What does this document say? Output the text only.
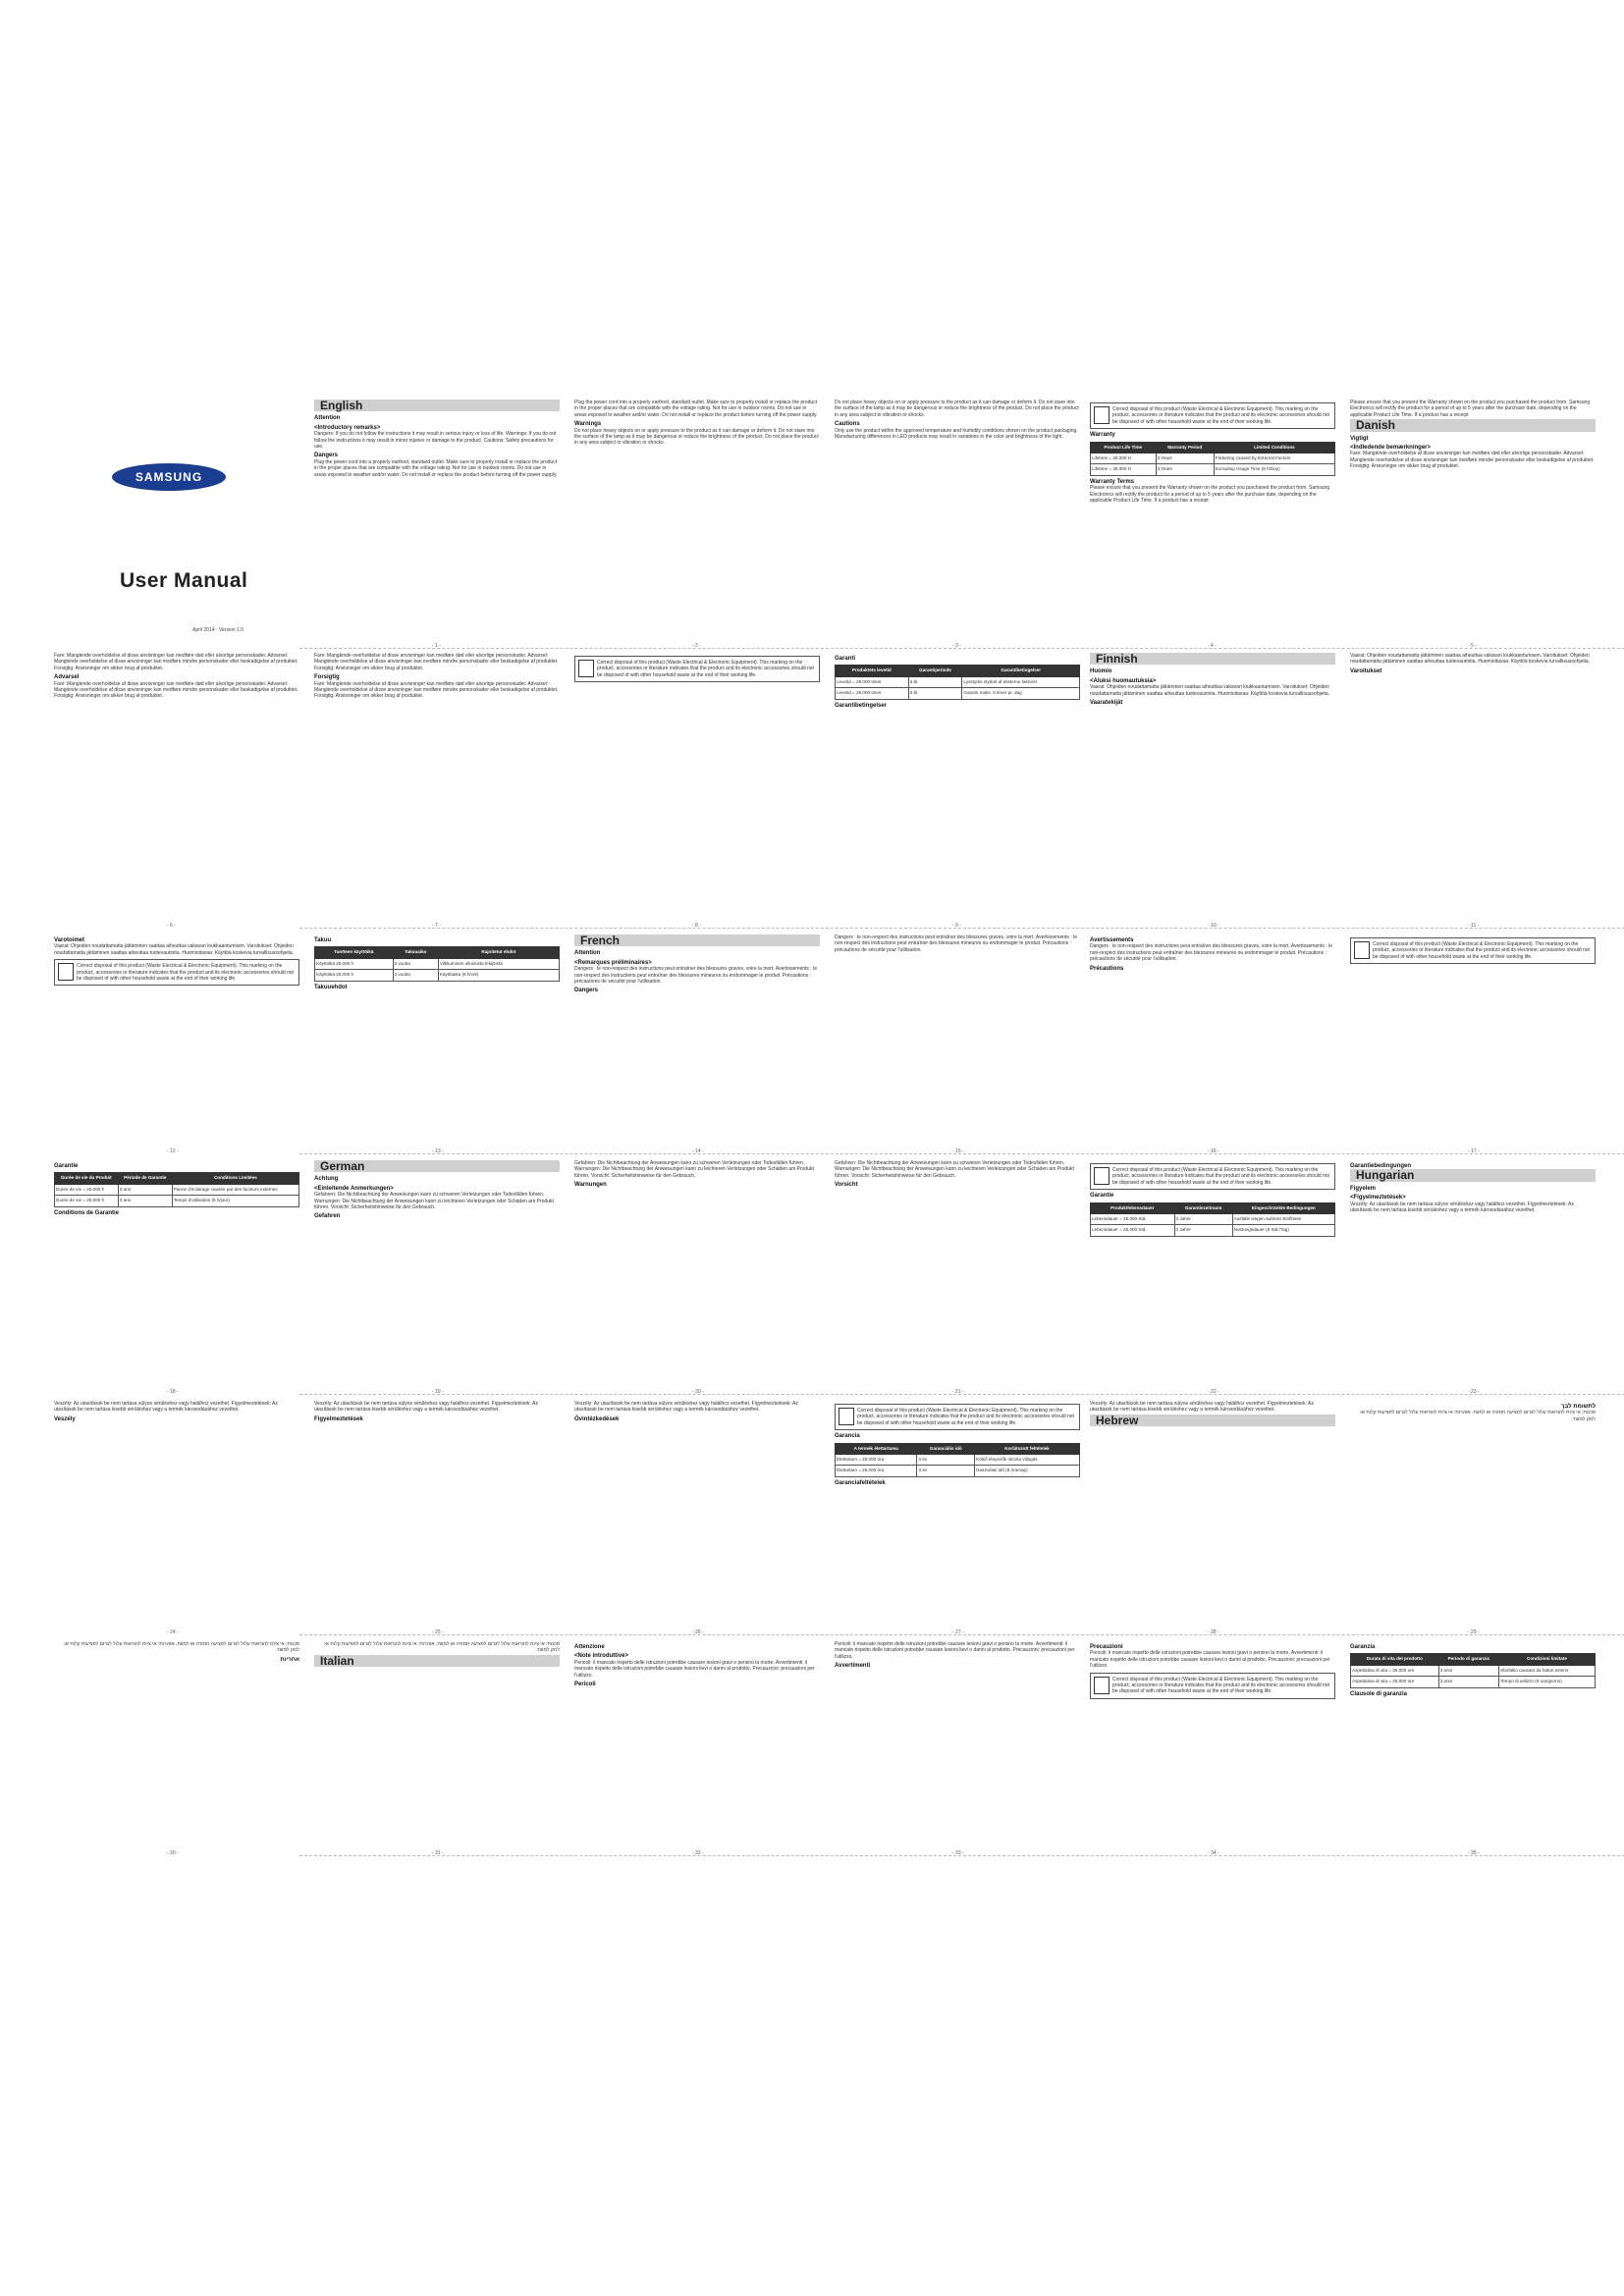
SAMSUNG
User Manual
April 2014 · Version 1.0
English
Attention
<Introductory remarks>

Dangers: If you do not follow the instructions it may result in serious injury or loss of life. Warnings: If you do not follow the instructions it may result in minor injuries or damage to the product. Cautions: Safety precautions for use.

Dangers

Plug the power cord into a properly earthed, standard outlet. Make sure to properly install or replace the product in the proper places that are compatible with the voltage rating. Not for use in outdoor rooms. Do not use in areas exposed to weather and/or water. Do not install or replace the product before turning off the power supply.

Plug the power cord into a properly earthed, standard outlet. Make sure to properly install or replace the product in the proper places that are compatible with the voltage rating. Not for use in outdoor rooms. Do not use in areas exposed to weather and/or water. Do not install or replace the product before turning off the power supply.

Warnings

Do not place heavy objects on or apply pressure to the product as it can damage or deform it. Do not stare into the surface of the lamp as it may be dangerous or reduce the brightness of the product. Do not place the product in any area subject to vibration or shocks.

Do not place heavy objects on or apply pressure to the product as it can damage or deform it. Do not stare into the surface of the lamp as it may be dangerous or reduce the brightness of the product. Do not place the product in any area subject to vibration or shocks.

Cautions

Only use the product within the approved temperature and humidity conditions shown on the product packaging. Manufacturing differences in LED products may result in variations in the color and brightness of the light.

Correct disposal of this product (Waste Electrical & Electronic Equipment). This marking on the product, accessories or literature indicates that the product and its electronic accessories should not be disposed of with other household waste at the end of their working life.
Warranty
Product Life Time	Warranty Period	Limited Conditions
Lifetime = 25.000 H	3 Years	Flickering caused by External Factors
Lifetime = 25.000 H	3 Years	Excluding Usage Time (8 h/Day)
Warranty Terms

Please ensure that you present the Warranty shown on the product you purchased the product from. Samsung Electronics will rectify the product for a period of up to 5 years after the purchase date, depending on the applicable Product Life Time. If a product has a receipt

Please ensure that you present the Warranty shown on the product you purchased the product from. Samsung Electronics will rectify the product for a period of up to 5 years after the purchase date, depending on the applicable Product Life Time. If a product has a receipt

Danish
Vigtigt
<Indledende bemærkninger>

Fare: Manglende overholdelse af disse anvisninger kan medføre død eller alvorlige personskader. Advarsel: Manglende overholdelse af disse anvisninger kan medføre mindre personskader eller beskadigelse af produktet. Forsigtig: Anvisninger om sikker brug af produktet.

Fare: Manglende overholdelse af disse anvisninger kan medføre død eller alvorlige personskader. Advarsel: Manglende overholdelse af disse anvisninger kan medføre mindre personskader eller beskadigelse af produktet. Forsigtig: Anvisninger om sikker brug af produktet.

Advarsel

Fare: Manglende overholdelse af disse anvisninger kan medføre død eller alvorlige personskader. Advarsel: Manglende overholdelse af disse anvisninger kan medføre mindre personskader eller beskadigelse af produktet. Forsigtig: Anvisninger om sikker brug af produktet.

Fare: Manglende overholdelse af disse anvisninger kan medføre død eller alvorlige personskader. Advarsel: Manglende overholdelse af disse anvisninger kan medføre mindre personskader eller beskadigelse af produktet. Forsigtig: Anvisninger om sikker brug af produktet.

Forsigtig

Fare: Manglende overholdelse af disse anvisninger kan medføre død eller alvorlige personskader. Advarsel: Manglende overholdelse af disse anvisninger kan medføre mindre personskader eller beskadigelse af produktet. Forsigtig: Anvisninger om sikker brug af produktet.

Correct disposal of this product (Waste Electrical & Electronic Equipment). This marking on the product, accessories or literature indicates that the product and its electronic accessories should not be disposed of with other household waste at the end of their working life.
Garanti
Produktets levetid	Garantiperiode	Garantibetingelser
Levetid = 25.000 timer	3 år	Lysstyrke styrket af eksterne faktorer
Levetid = 25.000 timer	3 år	Garanti maks. 8 timer pr. dag
Garantibetingelser
Finnish
Huomio
<Aluksi huomautuksia>

Vaarat: Ohjeiden noudattamatta jättäminen saattaa aiheuttaa vakavan loukkaantumisen. Varoitukset: Ohjeiden noudattamatta jättäminen saattaa aiheuttaa tuotevaurioita. Huomioitavaa: Käyttöä koskevia turvallisuusohjeita.

Vaaratekijät

Vaarat: Ohjeiden noudattamatta jättäminen saattaa aiheuttaa vakavan loukkaantumisen. Varoitukset: Ohjeiden noudattamatta jättäminen saattaa aiheuttaa tuotevaurioita. Huomioitavaa: Käyttöä koskevia turvallisuusohjeita.

Varoitukset
Varotoimet

Vaarat: Ohjeiden noudattamatta jättäminen saattaa aiheuttaa vakavan loukkaantumisen. Varoitukset: Ohjeiden noudattamatta jättäminen saattaa aiheuttaa tuotevaurioita. Huomioitavaa: Käyttöä koskevia turvallisuusohjeita.

Correct disposal of this product (Waste Electrical & Electronic Equipment). This marking on the product, accessories or literature indicates that the product and its electronic accessories should not be disposed of with other household waste at the end of their working life.
Takuu
Tuotteen käyttöikä	Takuuaika	Rajoitetut ehdot
Käyttöikä 25.000 h	3 vuotta	Vilkkuminen ulkoisista tekijöistä
Käyttöikä 25.000 h	3 vuotta	Käyttöaika (8 h/vrk)
Takuuehdot
French
Attention
<Remarques préliminaires>

Dangers : le non-respect des instructions peut entraîner des blessures graves, voire la mort. Avertissements : le non-respect des instructions peut entraîner des blessures mineures ou endommager le produit. Précautions : précautions de sécurité pour l'utilisation.

Dangers

Dangers : le non-respect des instructions peut entraîner des blessures graves, voire la mort. Avertissements : le non-respect des instructions peut entraîner des blessures mineures ou endommager le produit. Précautions : précautions de sécurité pour l'utilisation.

Avertissements

Dangers : le non-respect des instructions peut entraîner des blessures graves, voire la mort. Avertissements : le non-respect des instructions peut entraîner des blessures mineures ou endommager le produit. Précautions : précautions de sécurité pour l'utilisation.

Précautions
Correct disposal of this product (Waste Electrical & Electronic Equipment). This marking on the product, accessories or literature indicates that the product and its electronic accessories should not be disposed of with other household waste at the end of their working life.
Garantie
Durée de vie du Produit	Période de Garantie	Conditions Limitées
Durée de vie = 25.000 h	3 ans	Panne d'éclairage causée par des facteurs externes
Durée de vie = 25.000 h	3 ans	Temps d'utilisation (8 h/jour)
Conditions de Garantie
German
Achtung
<Einleitende Anmerkungen>

Gefahren: Die Nichtbeachtung der Anweisungen kann zu schweren Verletzungen oder Todesfällen führen. Warnungen: Die Nichtbeachtung der Anweisungen kann zu leichteren Verletzungen oder Schäden am Produkt führen. Vorsicht: Sicherheitshinweise für den Gebrauch.

Gefahren

Gefahren: Die Nichtbeachtung der Anweisungen kann zu schweren Verletzungen oder Todesfällen führen. Warnungen: Die Nichtbeachtung der Anweisungen kann zu leichteren Verletzungen oder Schäden am Produkt führen. Vorsicht: Sicherheitshinweise für den Gebrauch.

Warnungen

Gefahren: Die Nichtbeachtung der Anweisungen kann zu schweren Verletzungen oder Todesfällen führen. Warnungen: Die Nichtbeachtung der Anweisungen kann zu leichteren Verletzungen oder Schäden am Produkt führen. Vorsicht: Sicherheitshinweise für den Gebrauch.

Vorsicht
Correct disposal of this product (Waste Electrical & Electronic Equipment). This marking on the product, accessories or literature indicates that the product and its electronic accessories should not be disposed of with other household waste at the end of their working life.
Garantie
Produktlebensdauer	Garantiezeitraum	Eingeschränkte Bedingungen
Lebensdauer = 25.000 Std.	3 Jahre	Ausfälle wegen äußerer Einflüsse
Lebensdauer = 25.000 Std.	3 Jahre	Nutzungsdauer (8 Std./Tag)
Garantiebedingungen
Hungarian
Figyelem
<Figyelmeztetések>

Veszély: Az utasítások be nem tartása súlyos sérüléshez vagy halálhoz vezethet. Figyelmeztetések: Az utasítások be nem tartása kisebb sérüléshez vagy a termék károsodásához vezethet.

Veszély: Az utasítások be nem tartása súlyos sérüléshez vagy halálhoz vezethet. Figyelmeztetések: Az utasítások be nem tartása kisebb sérüléshez vagy a termék károsodásához vezethet.

Veszély

Veszély: Az utasítások be nem tartása súlyos sérüléshez vagy halálhoz vezethet. Figyelmeztetések: Az utasítások be nem tartása kisebb sérüléshez vagy a termék károsodásához vezethet.

Figyelmeztetések

Veszély: Az utasítások be nem tartása súlyos sérüléshez vagy halálhoz vezethet. Figyelmeztetések: Az utasítások be nem tartása kisebb sérüléshez vagy a termék károsodásához vezethet.

Óvintézkedések
Correct disposal of this product (Waste Electrical & Electronic Equipment). This marking on the product, accessories or literature indicates that the product and its electronic accessories should not be disposed of with other household waste at the end of their working life.
Garancia
A termék élettartama	Garanciális idő	Korlátozott feltételek
Élettartam = 25.000 óra	3 év	Külső tényezők okozta villogás
Élettartam = 25.000 óra	3 év	Használati idő (8 óra/nap)
Garanciafeltételek

Veszély: Az utasítások be nem tartása súlyos sérüléshez vagy halálhoz vezethet. Figyelmeztetések: Az utasítások be nem tartása kisebb sérüléshez vagy a termék károsodásához vezethet.

Hebrew
לתשומת לבך

סכנות: אי ציות להוראות עלול לגרום לפציעה חמורה או למוות. אזהרות: אי ציות להוראות עלול לגרום לפציעות קלות או לנזק למוצר.

סכנות: אי ציות להוראות עלול לגרום לפציעה חמורה או למוות. אזהרות: אי ציות להוראות עלול לגרום לפציעות קלות או לנזק למוצר.

אחריות

סכנות: אי ציות להוראות עלול לגרום לפציעה חמורה או למוות. אזהרות: אי ציות להוראות עלול לגרום לפציעות קלות או לנזק למוצר.

Italian
Attenzione
<Note introduttive>

Pericoli: il mancato rispetto delle istruzioni potrebbe causare lesioni gravi o persino la morte. Avvertimenti: il mancato rispetto delle istruzioni potrebbe causare lesioni lievi o danni al prodotto. Precauzioni: precauzioni per l'utilizzo.

Pericoli

Pericoli: il mancato rispetto delle istruzioni potrebbe causare lesioni gravi o persino la morte. Avvertimenti: il mancato rispetto delle istruzioni potrebbe causare lesioni lievi o danni al prodotto. Precauzioni: precauzioni per l'utilizzo.

Avvertimenti
Precauzioni

Pericoli: il mancato rispetto delle istruzioni potrebbe causare lesioni gravi o persino la morte. Avvertimenti: il mancato rispetto delle istruzioni potrebbe causare lesioni lievi o danni al prodotto. Precauzioni: precauzioni per l'utilizzo.

Correct disposal of this product (Waste Electrical & Electronic Equipment). This marking on the product, accessories or literature indicates that the product and its electronic accessories should not be disposed of with other household waste at the end of their working life.
Garanzia
Durata di vita del prodotto	Periodo di garanzia	Condizioni limitate
Aspettativa di vita = 25.000 ore	3 anni	Sfarfallio causato da fattori esterni
Aspettativa di vita = 25.000 ore	3 anni	Tempo di utilizzo (8 ore/giorno)
Clausole di garanzia
- 1 -	- 2 -	- 3 -	- 4 -	- 5 -
- 6 -	- 7 -	- 8 -	- 9 -	- 10 -	- 11 -
- 12 -	- 13 -	- 14 -	- 15 -	- 16 -	- 17 -
- 18 -	- 19 -	- 20 -	- 21 -	- 22 -	- 23 -
- 24 -	- 25 -	- 26 -	- 27 -	- 28 -	- 29 -
- 30 -	- 31 -	- 32 -	- 33 -	- 34 -	- 35 -
